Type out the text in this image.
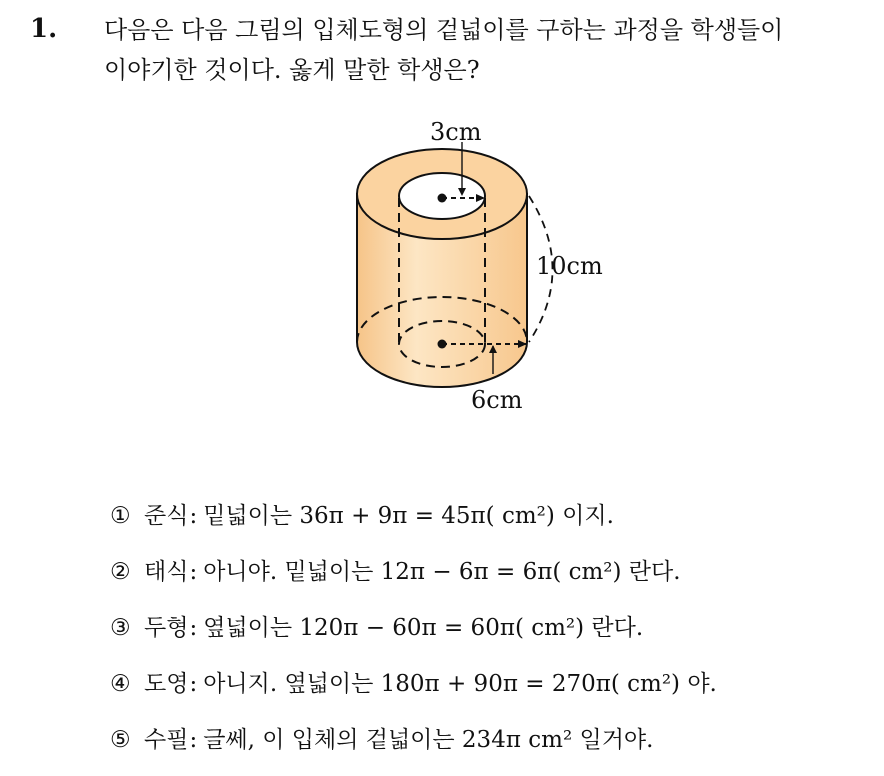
1. 다음은 다음 그림의 입체도형의 겉넓이를 구하는 과정을 학생들이
이야기한 것이다. 옳게 말한 학생은?
3cm
10cm
6cm
① 준식: 밑넓이는 36π + 9π = 45π( cm²) 이지.
② 태식: 아니야. 밑넓이는 12π − 6π = 6π( cm²) 란다.
③ 두형: 옆넓이는 120π − 60π = 60π( cm²) 란다.
④ 도영: 아니지. 옆넓이는 180π + 90π = 270π( cm²) 야.
⑤ 수필: 글쎄, 이 입체의 겉넓이는 234π cm² 일거야.
